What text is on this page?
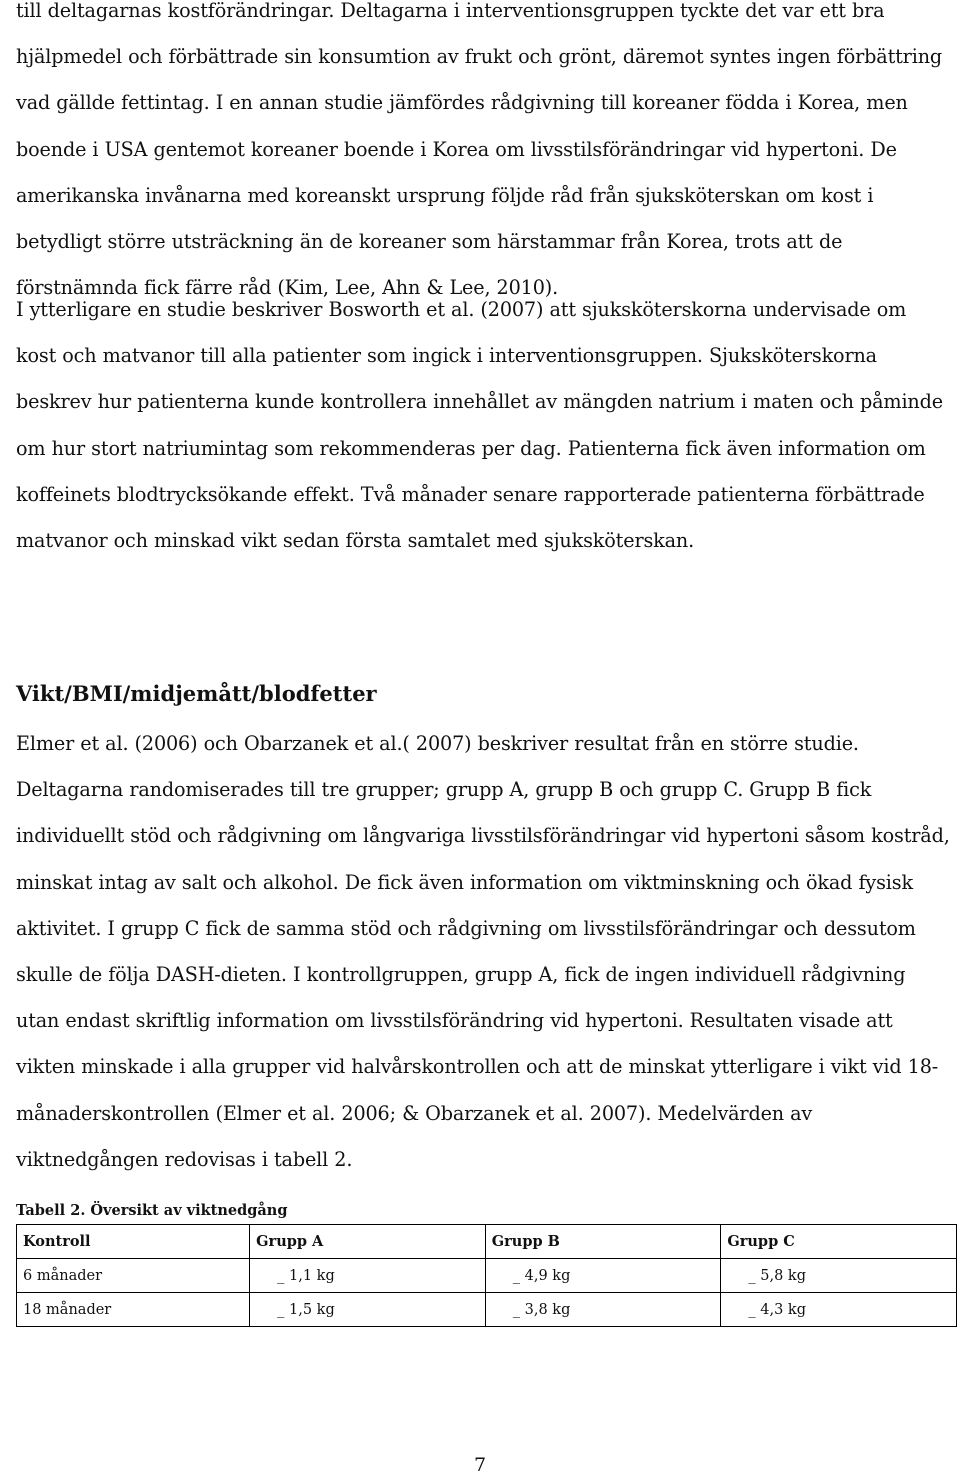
till deltagarnas kostförändringar. Deltagarna i interventionsgruppen tyckte det var ett bra hjälpmedel och förbättrade sin konsumtion av frukt och grönt, däremot syntes ingen förbättring vad gällde fettintag. I en annan studie jämfördes rådgivning till koreaner födda i Korea, men boende i USA gentemot koreaner boende i Korea om livsstilsförändringar vid hypertoni. De amerikanska invånarna med koreanskt ursprung följde råd från sjuksköterskan om kost i betydligt större utsträckning än de koreaner som härstammar från Korea, trots att de förstnämnda fick färre råd (Kim, Lee, Ahn & Lee, 2010).

I ytterligare en studie beskriver Bosworth et al. (2007) att sjuksköterskorna undervisade om kost och matvanor till alla patienter som ingick i interventionsgruppen. Sjuksköterskorna beskrev hur patienterna kunde kontrollera innehållet av mängden natrium i maten och påminde om hur stort natriumintag som rekommenderas per dag. Patienterna fick även information om koffeinets blodtrycksökande effekt. Två månader senare rapporterade patienterna förbättrade matvanor och minskad vikt sedan första samtalet med sjuksköterskan.

Vikt/BMI/midjemått/blodfetter

Elmer et al. (2006) och Obarzanek et al.( 2007) beskriver resultat från en större studie. Deltagarna randomiserades till tre grupper; grupp A, grupp B och grupp C. Grupp B fick individuellt stöd och rådgivning om långvariga livsstilsförändringar vid hypertoni såsom kostråd, minskat intag av salt och alkohol. De fick även information om viktminskning och ökad fysisk aktivitet. I grupp C fick de samma stöd och rådgivning om livsstilsförändringar och dessutom skulle de följa DASH-dieten. I kontrollgruppen, grupp A, fick de ingen individuell rådgivning utan endast skriftlig information om livsstilsförändring vid hypertoni. Resultaten visade att vikten minskade i alla grupper vid halvårskontrollen och att de minskat ytterligare i vikt vid 18-månaderskontrollen (Elmer et al. 2006; & Obarzanek et al. 2007). Medelvärden av viktnedgången redovisas i tabell 2.

Tabell 2. Översikt av viktnedgång

Kontroll	Grupp A	Grupp B	Grupp C
6 månader	_ 1,1 kg	_ 4,9 kg	_ 5,8 kg
18 månader	_ 1,5 kg	_ 3,8 kg	_ 4,3 kg
7
